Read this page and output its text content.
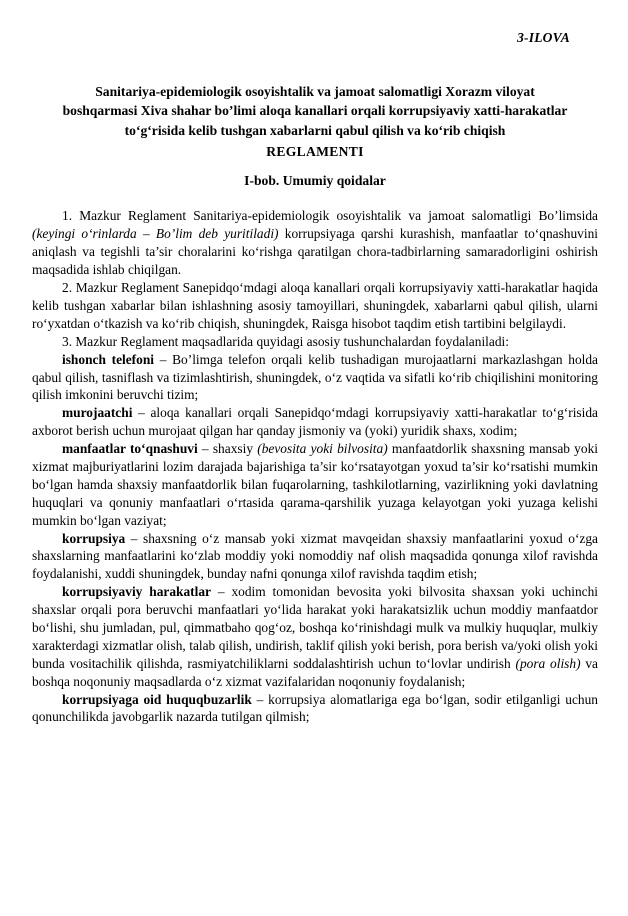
3-ILOVA
Sanitariya-epidemiologik osoyishtalik va jamoat salomatligi Xorazm viloyat
boshqarmasi Xiva shahar bo’limi aloqa kanallari orqali korrupsiyaviy xatti-harakatlar
to‘g‘risida kelib tushgan xabarlarni qabul qilish va ko‘rib chiqish
REGLAMENTI
I-bob. Umumiy qoidalar

1. Mazkur Reglament Sanitariya-epidemiologik osoyishtalik va jamoat salomatligi Bo’limsida (keyingi o‘rinlarda – Bo’lim deb yuritiladi) korrupsiyaga qarshi kurashish, manfaatlar to‘qnashuvini aniqlash va tegishli ta’sir choralarini ko‘rishga qaratilgan chora-tadbirlarning samaradorligini oshirish maqsadida ishlab chiqilgan.

2. Mazkur Reglament Sanepidqo‘mdagi aloqa kanallari orqali korrupsiyaviy xatti-harakatlar haqida kelib tushgan xabarlar bilan ishlashning asosiy tamoyillari, shuningdek, xabarlarni qabul qilish, ularni ro‘yxatdan o‘tkazish va ko‘rib chiqish, shuningdek, Raisga hisobot taqdim etish tartibini belgilaydi.

3. Mazkur Reglament maqsadlarida quyidagi asosiy tushunchalardan foydalaniladi:

ishonch telefoni – Bo’limga telefon orqali kelib tushadigan murojaatlarni markazlashgan holda qabul qilish, tasniflash va tizimlashtirish, shuningdek, o‘z vaqtida va sifatli ko‘rib chiqilishini monitoring qilish imkonini beruvchi tizim;

murojaatchi – aloqa kanallari orqali Sanepidqo‘mdagi korrupsiyaviy xatti-harakatlar to‘g‘risida axborot berish uchun murojaat qilgan har qanday jismoniy va (yoki) yuridik shaxs, xodim;

manfaatlar to‘qnashuvi – shaxsiy (bevosita yoki bilvosita) manfaatdorlik shaxsning mansab yoki xizmat majburiyatlarini lozim darajada bajarishiga ta’sir ko‘rsatayotgan yoxud ta’sir ko‘rsatishi mumkin bo‘lgan hamda shaxsiy manfaatdorlik bilan fuqarolarning, tashkilotlarning, vazirlikning yoki davlatning huquqlari va qonuniy manfaatlari o‘rtasida qarama-qarshilik yuzaga kelayotgan yoki yuzaga kelishi mumkin bo‘lgan vaziyat;

korrupsiya – shaxsning o‘z mansab yoki xizmat mavqeidan shaxsiy manfaatlarini yoxud o‘zga shaxslarning manfaatlarini ko‘zlab moddiy yoki nomoddiy naf olish maqsadida qonunga xilof ravishda foydalanishi, xuddi shuningdek, bunday nafni qonunga xilof ravishda taqdim etish;

korrupsiyaviy harakatlar – xodim tomonidan bevosita yoki bilvosita shaxsan yoki uchinchi shaxslar orqali pora beruvchi manfaatlari yo‘lida harakat yoki harakatsizlik uchun moddiy manfaatdor bo‘lishi, shu jumladan, pul, qimmatbaho qog‘oz, boshqa ko‘rinishdagi mulk va mulkiy huquqlar, mulkiy xarakterdagi xizmatlar olish, talab qilish, undirish, taklif qilish yoki berish, pora berish va/yoki olish yoki bunda vositachilik qilishda, rasmiyatchiliklarni soddalashtirish uchun to‘lovlar undirish (pora olish) va boshqa noqonuniy maqsadlarda o‘z xizmat vazifalaridan noqonuniy foydalanish;

korrupsiyaga oid huquqbuzarlik – korrupsiya alomatlariga ega bo‘lgan, sodir etilganligi uchun qonunchilikda javobgarlik nazarda tutilgan qilmish;
